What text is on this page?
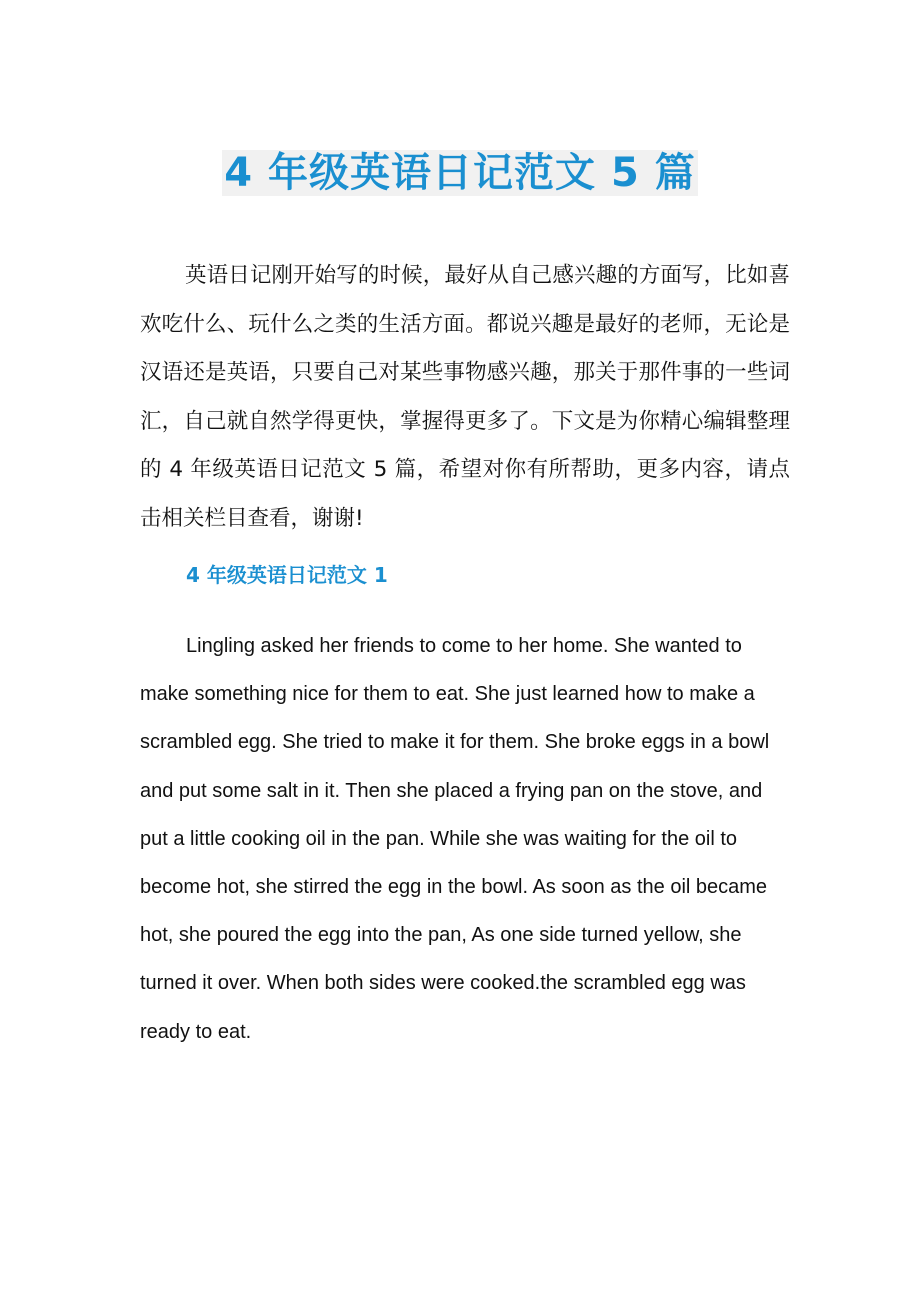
4 年级英语日记范文 5 篇

英语日记刚开始写的时候，最好从自己感兴趣的方面写，比如喜欢吃什么、玩什么之类的生活方面。都说兴趣是最好的老师，无论是汉语还是英语，只要自己对某些事物感兴趣，那关于那件事的一些词汇，自己就自然学得更快，掌握得更多了。下文是为你精心编辑整理的 4 年级英语日记范文 5 篇，希望对你有所帮助，更多内容，请点击相关栏目查看，谢谢!

4 年级英语日记范文 1

Lingling asked her friends to come to her home. She wanted to make something nice for them to eat. She just learned how to make a scrambled egg. She tried to make it for them. She broke eggs in a bowl and put some salt in it. Then she placed a frying pan on the stove, and put a little cooking oil in the pan. While she was waiting for the oil to become hot, she stirred the egg in the bowl. As soon as the oil became hot, she poured the egg into the pan, As one side turned yellow, she turned it over. When both sides were cooked.the scrambled egg was ready to eat.
